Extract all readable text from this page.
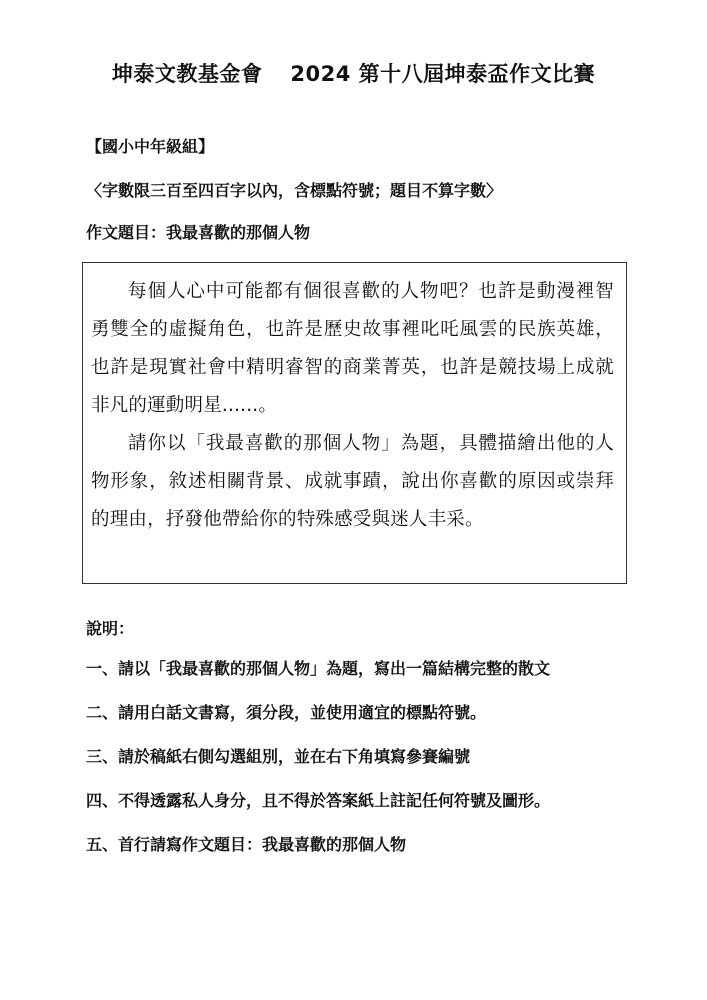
坤泰文教基金會 2024 第十八屆坤泰盃作文比賽
【國小中年級組】
〈字數限三百至四百字以內，含標點符號；題目不算字數〉
作文題目：我最喜歡的那個人物

每個人心中可能都有個很喜歡的人物吧？也許是動漫裡智勇雙全的虛擬角色，也許是歷史故事裡叱吒風雲的民族英雄，也許是現實社會中精明睿智的商業菁英，也許是競技場上成就非凡的運動明星......。

請你以「我最喜歡的那個人物」為題，具體描繪出他的人物形象，敘述相關背景、成就事蹟，說出你喜歡的原因或崇拜的理由，抒發他帶給你的特殊感受與迷人丰采。

說明：
一、請以「我最喜歡的那個人物」為題，寫出一篇結構完整的散文
二、請用白話文書寫，須分段，並使用適宜的標點符號。
三、請於稿紙右側勾選組別，並在右下角填寫參賽編號
四、不得透露私人身分，且不得於答案紙上註記任何符號及圖形。
五、首行請寫作文題目：我最喜歡的那個人物
